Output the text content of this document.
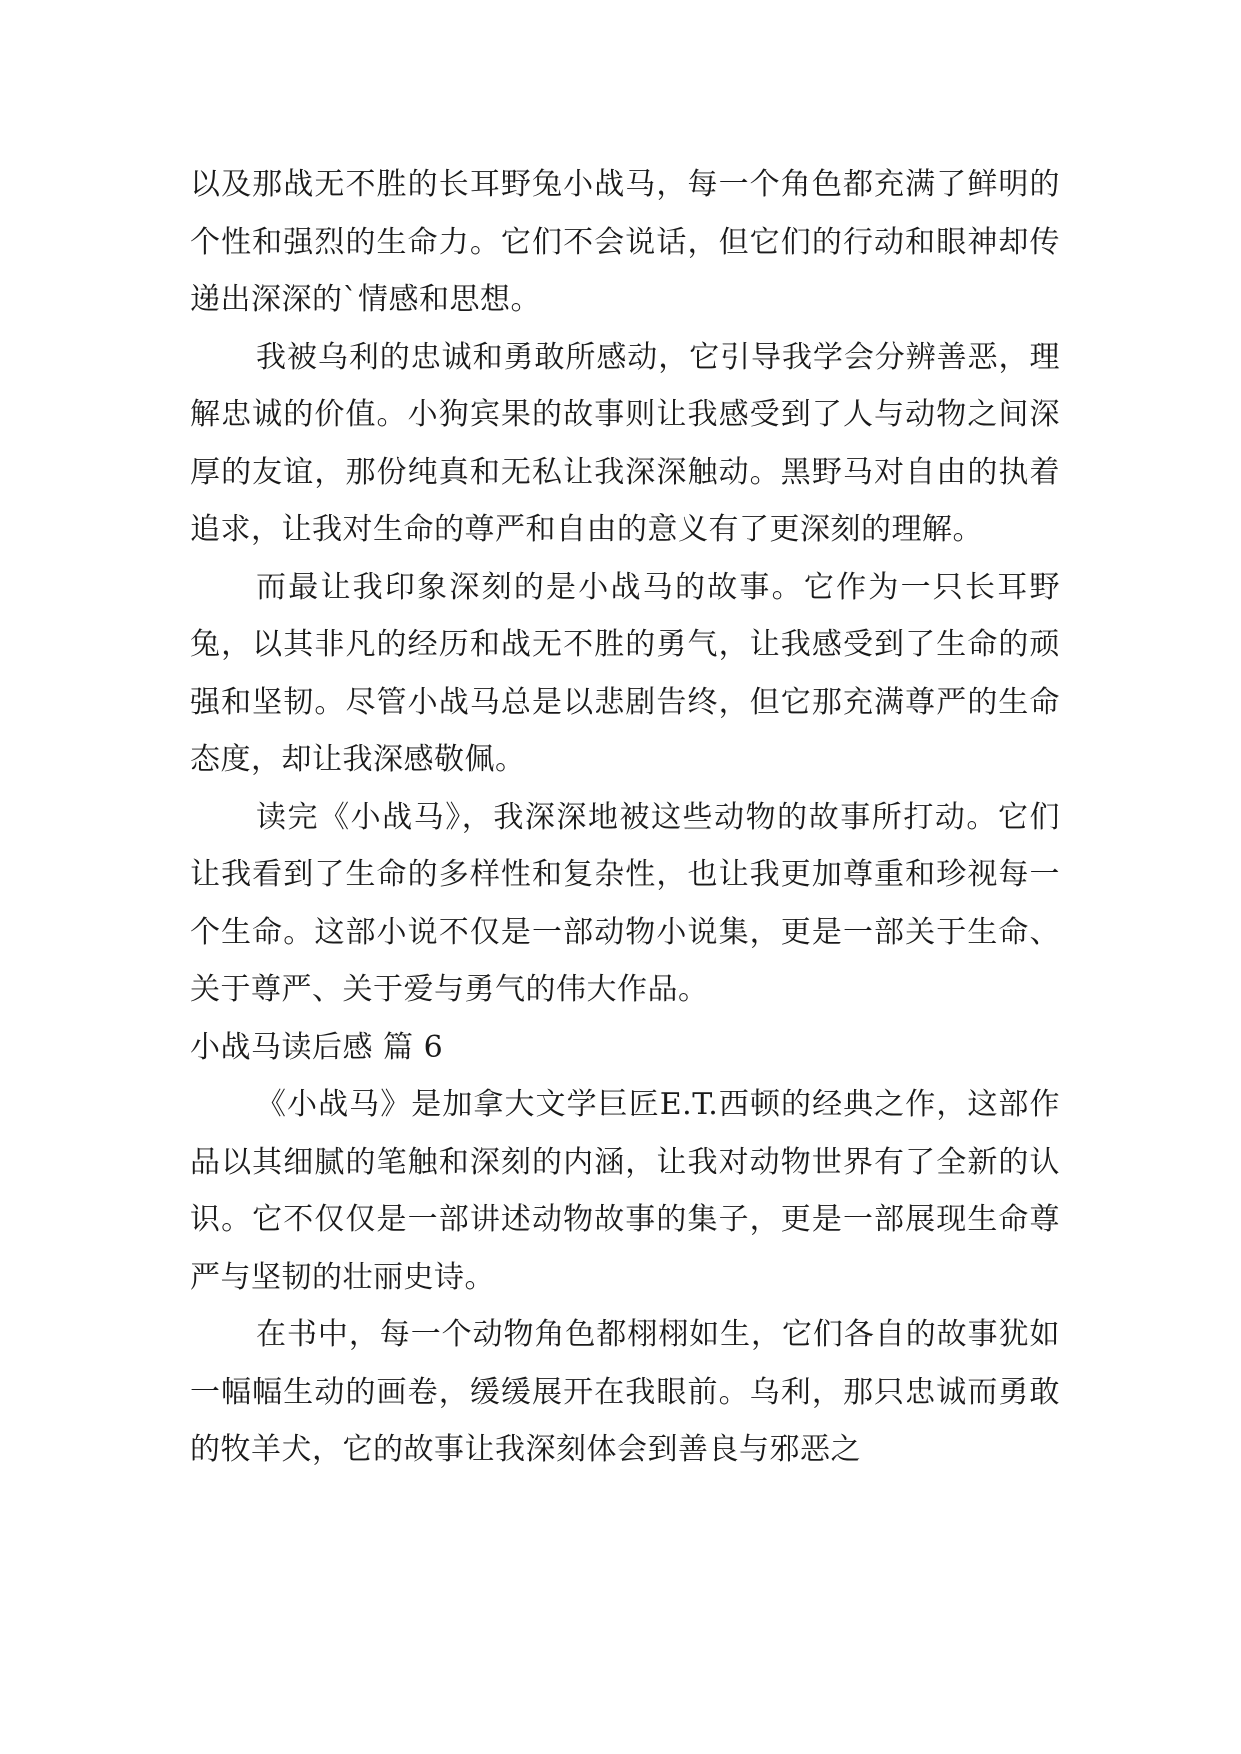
以及那战无不胜的长耳野兔小战马，每一个角色都充满了鲜明的个性和强烈的生命力。它们不会说话，但它们的行动和眼神却传递出深深的`情感和思想。

我被乌利的忠诚和勇敢所感动，它引导我学会分辨善恶，理解忠诚的价值。小狗宾果的故事则让我感受到了人与动物之间深厚的友谊，那份纯真和无私让我深深触动。黑野马对自由的执着追求，让我对生命的尊严和自由的意义有了更深刻的理解。

而最让我印象深刻的是小战马的故事。它作为一只长耳野兔，以其非凡的经历和战无不胜的勇气，让我感受到了生命的顽强和坚韧。尽管小战马总是以悲剧告终，但它那充满尊严的生命态度，却让我深感敬佩。

读完《小战马》，我深深地被这些动物的故事所打动。它们让我看到了生命的多样性和复杂性，也让我更加尊重和珍视每一个生命。这部小说不仅是一部动物小说集，更是一部关于生命、关于尊严、关于爱与勇气的伟大作品。

小战马读后感 篇 6

《小战马》是加拿大文学巨匠E.T.西顿的经典之作，这部作品以其细腻的笔触和深刻的内涵，让我对动物世界有了全新的认识。它不仅仅是一部讲述动物故事的集子，更是一部展现生命尊严与坚韧的壮丽史诗。

在书中，每一个动物角色都栩栩如生，它们各自的故事犹如一幅幅生动的画卷，缓缓展开在我眼前。乌利，那只忠诚而勇敢的牧羊犬，它的故事让我深刻体会到善良与邪恶之
